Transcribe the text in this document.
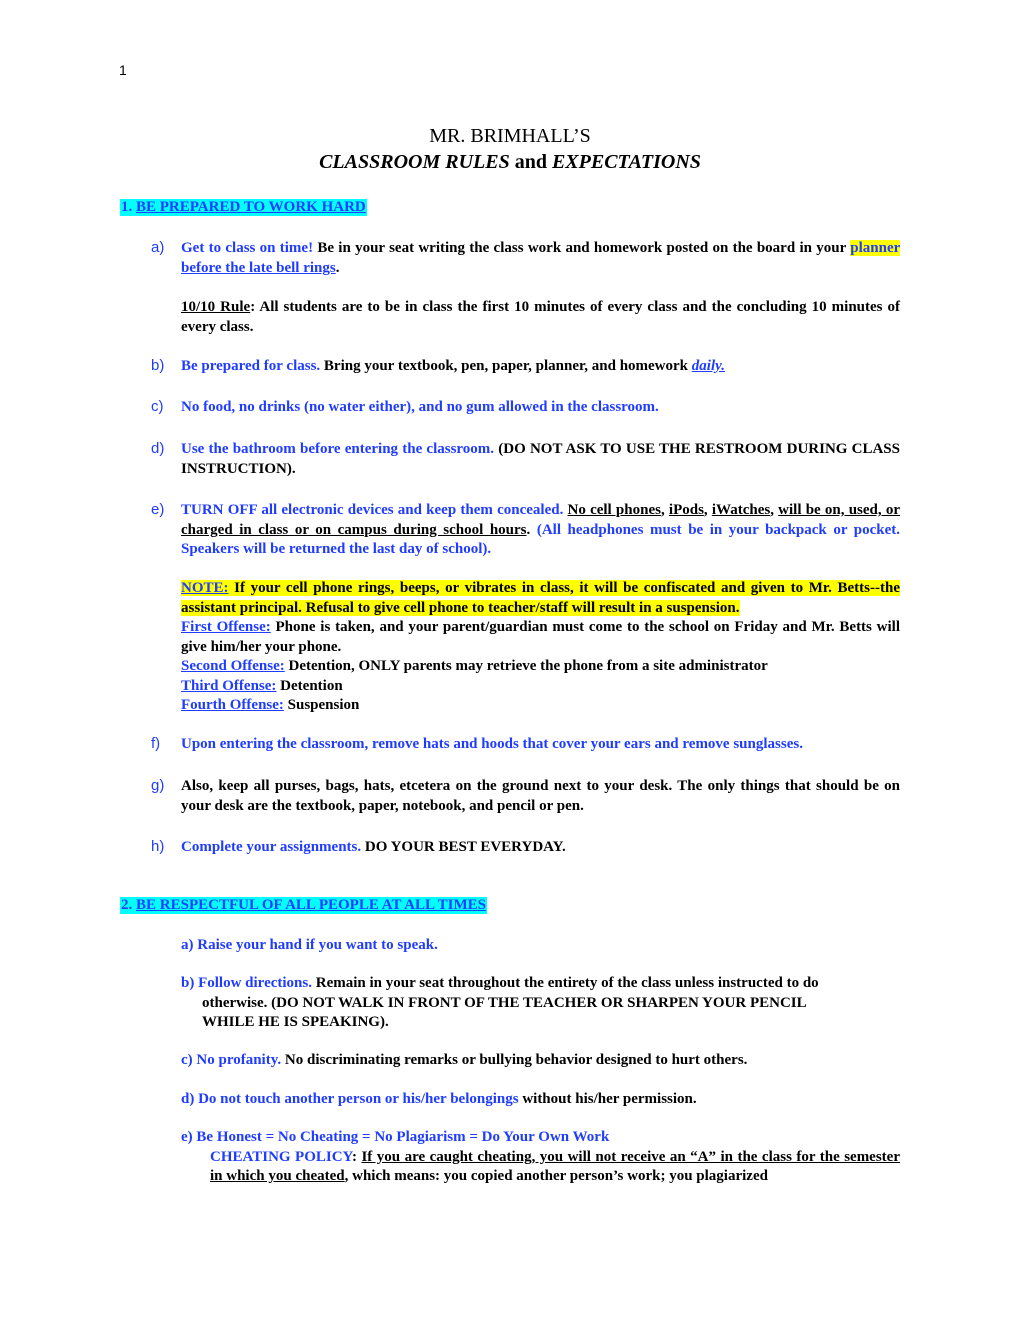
1
MR. BRIMHALL’S
CLASSROOM RULES and EXPECTATIONS
1. BE PREPARED TO WORK HARD
a) Get to class on time! Be in your seat writing the class work and homework posted on the board in your planner before the late bell rings.
10/10 Rule: All students are to be in class the first 10 minutes of every class and the concluding 10 minutes of every class.
b) Be prepared for class. Bring your textbook, pen, paper, planner, and homework daily.
c) No food, no drinks (no water either), and no gum allowed in the classroom.
d) Use the bathroom before entering the classroom. (DO NOT ASK TO USE THE RESTROOM DURING CLASS INSTRUCTION).
e) TURN OFF all electronic devices and keep them concealed. No cell phones, iPods, iWatches, will be on, used, or charged in class or on campus during school hours. (All headphones must be in your backpack or pocket. Speakers will be returned the last day of school).
NOTE: If your cell phone rings, beeps, or vibrates in class, it will be confiscated and given to Mr. Betts--the assistant principal. Refusal to give cell phone to teacher/staff will result in a suspension.
First Offense: Phone is taken, and your parent/guardian must come to the school on Friday and Mr. Betts will give him/her your phone.
Second Offense: Detention, ONLY parents may retrieve the phone from a site administrator
Third Offense: Detention
Fourth Offense: Suspension
f) Upon entering the classroom, remove hats and hoods that cover your ears and remove sunglasses.
g) Also, keep all purses, bags, hats, etcetera on the ground next to your desk. The only things that should be on your desk are the textbook, paper, notebook, and pencil or pen.
h) Complete your assignments. DO YOUR BEST EVERYDAY.
2. BE RESPECTFUL OF ALL PEOPLE AT ALL TIMES
a) Raise your hand if you want to speak.
b) Follow directions. Remain in your seat throughout the entirety of the class unless instructed to do
otherwise. (DO NOT WALK IN FRONT OF THE TEACHER OR SHARPEN YOUR PENCIL
WHILE HE IS SPEAKING).
c) No profanity. No discriminating remarks or bullying behavior designed to hurt others.
d) Do not touch another person or his/her belongings without his/her permission.
e) Be Honest = No Cheating = No Plagiarism = Do Your Own Work
CHEATING POLICY: If you are caught cheating, you will not receive an “A” in the class for the semester in which you cheated, which means: you copied another person’s work; you plagiarized
